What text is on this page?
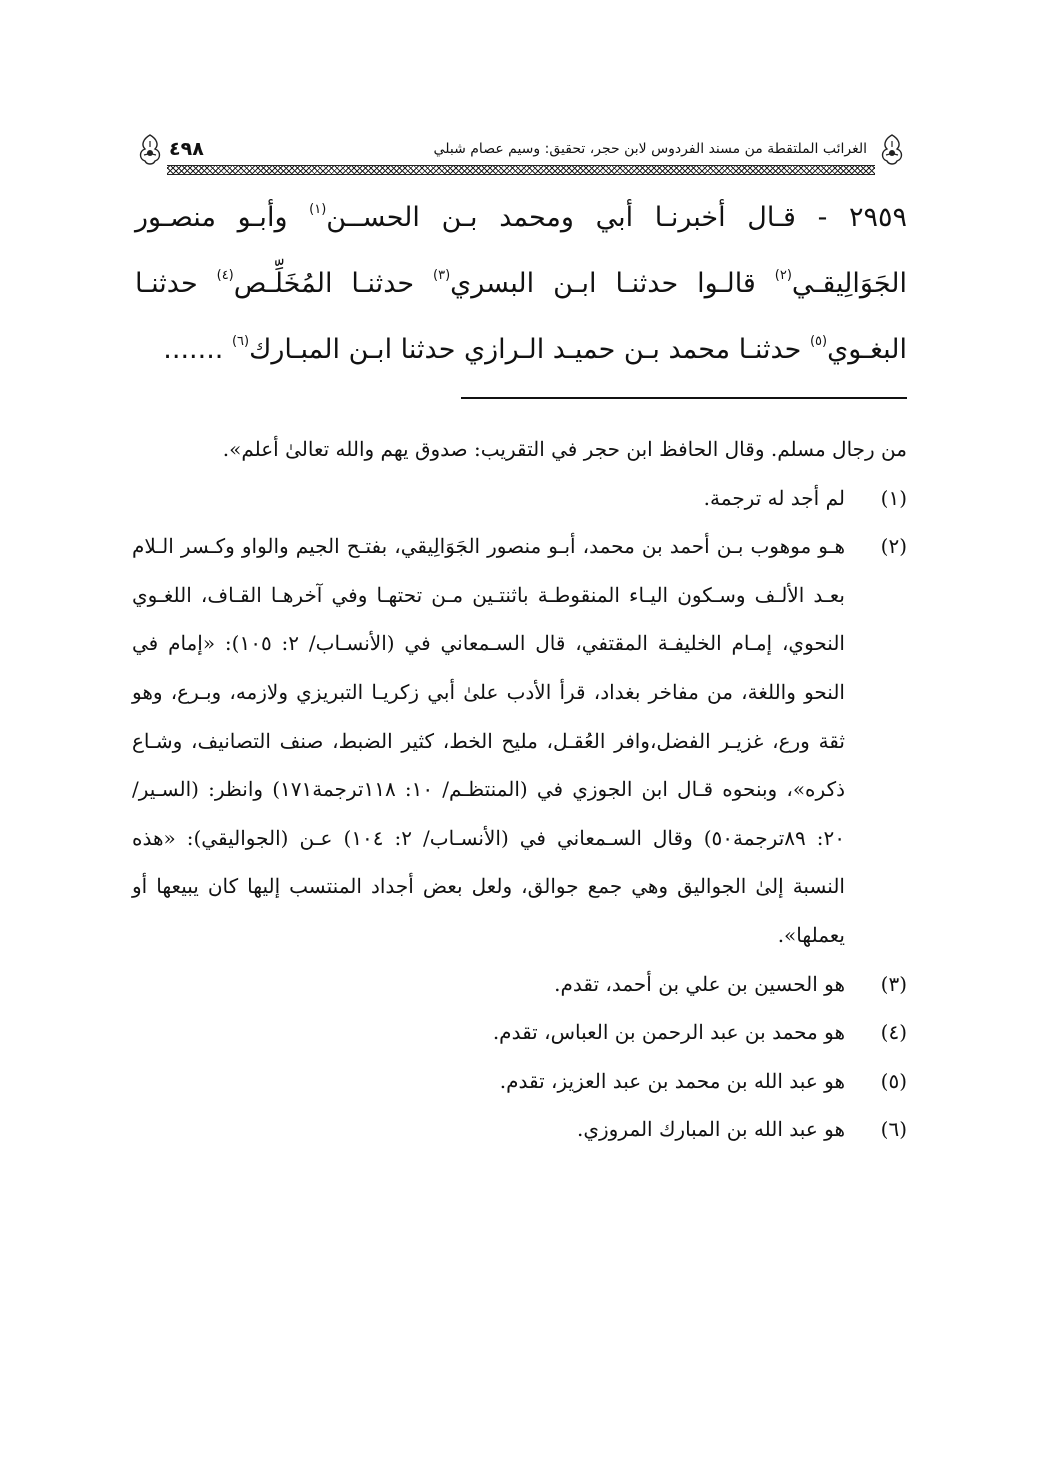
الغرائب الملتقطة من مسند الفردوس لابن حجر، تحقيق: وسيم عصام شبلي
٤٩٨
٢٩٥٩ - قـال أخبرنـا أبي ومحمد بـن الحســن$^{(١)}$ وأبـو منصـور الجَوَالِيقـي$^{(٢)}$ قالـوا حدثنـا ابـن البسري$^{(٣)}$ حدثنـا المُخَلِّـص$^{(٤)}$ حدثنـا البغـوي$^{(٥)}$ حدثنـا محمد بـن حميـد الـرازي حدثنا ابـن المبـارك$^{(٦)}$ .......
من رجال مسلم. وقال الحافظ ابن حجر في التقريب: صدوق يهم والله تعالىٰ أعلم».
(١)
لم أجد له ترجمة.
(٢)
هـو موهوب بـن أحمد بن محمد، أبـو منصور الجَوَالِيقي، بفتـح الجيم والواو وكـسر الـلام بعـد الألـف وسـكون اليـاء المنقوطـة باثنتـين مـن تحتهـا وفي آخرهـا القـاف، اللغـوي النحوي، إمـام الخليفـة المقتفي، قال السـمعاني في (الأنسـاب/ ٢: ١٠٥): «إمام في النحو واللغة، من مفاخر بغداد، قرأ الأدب علىٰ أبي زكريـا التبريزي ولازمه، وبـرع، وهو ثقة ورع، غزيـر الفضل،وافر العُقـل، مليح الخط، كثير الضبط، صنف التصانيف، وشـاع ذكره»، وبنحوه قـال ابن الجوزي في (المنتظـم/ ١٠: ١١٨ترجمة١٧١) وانظر: (السـير/ ٢٠: ٨٩ترجمة٥٠) وقال السـمعاني في (الأنسـاب/ ٢: ١٠٤) عـن (الجواليقي): «هذه النسبة إلىٰ الجواليق وهي جمع جوالق، ولعل بعض أجداد المنتسب إليها كان يبيعها أو يعملها».
(٣)
هو الحسين بن علي بن أحمد، تقدم.
(٤)
هو محمد بن عبد الرحمن بن العباس، تقدم.
(٥)
هو عبد الله بن محمد بن عبد العزيز، تقدم.
(٦)
هو عبد الله بن المبارك المروزي.
